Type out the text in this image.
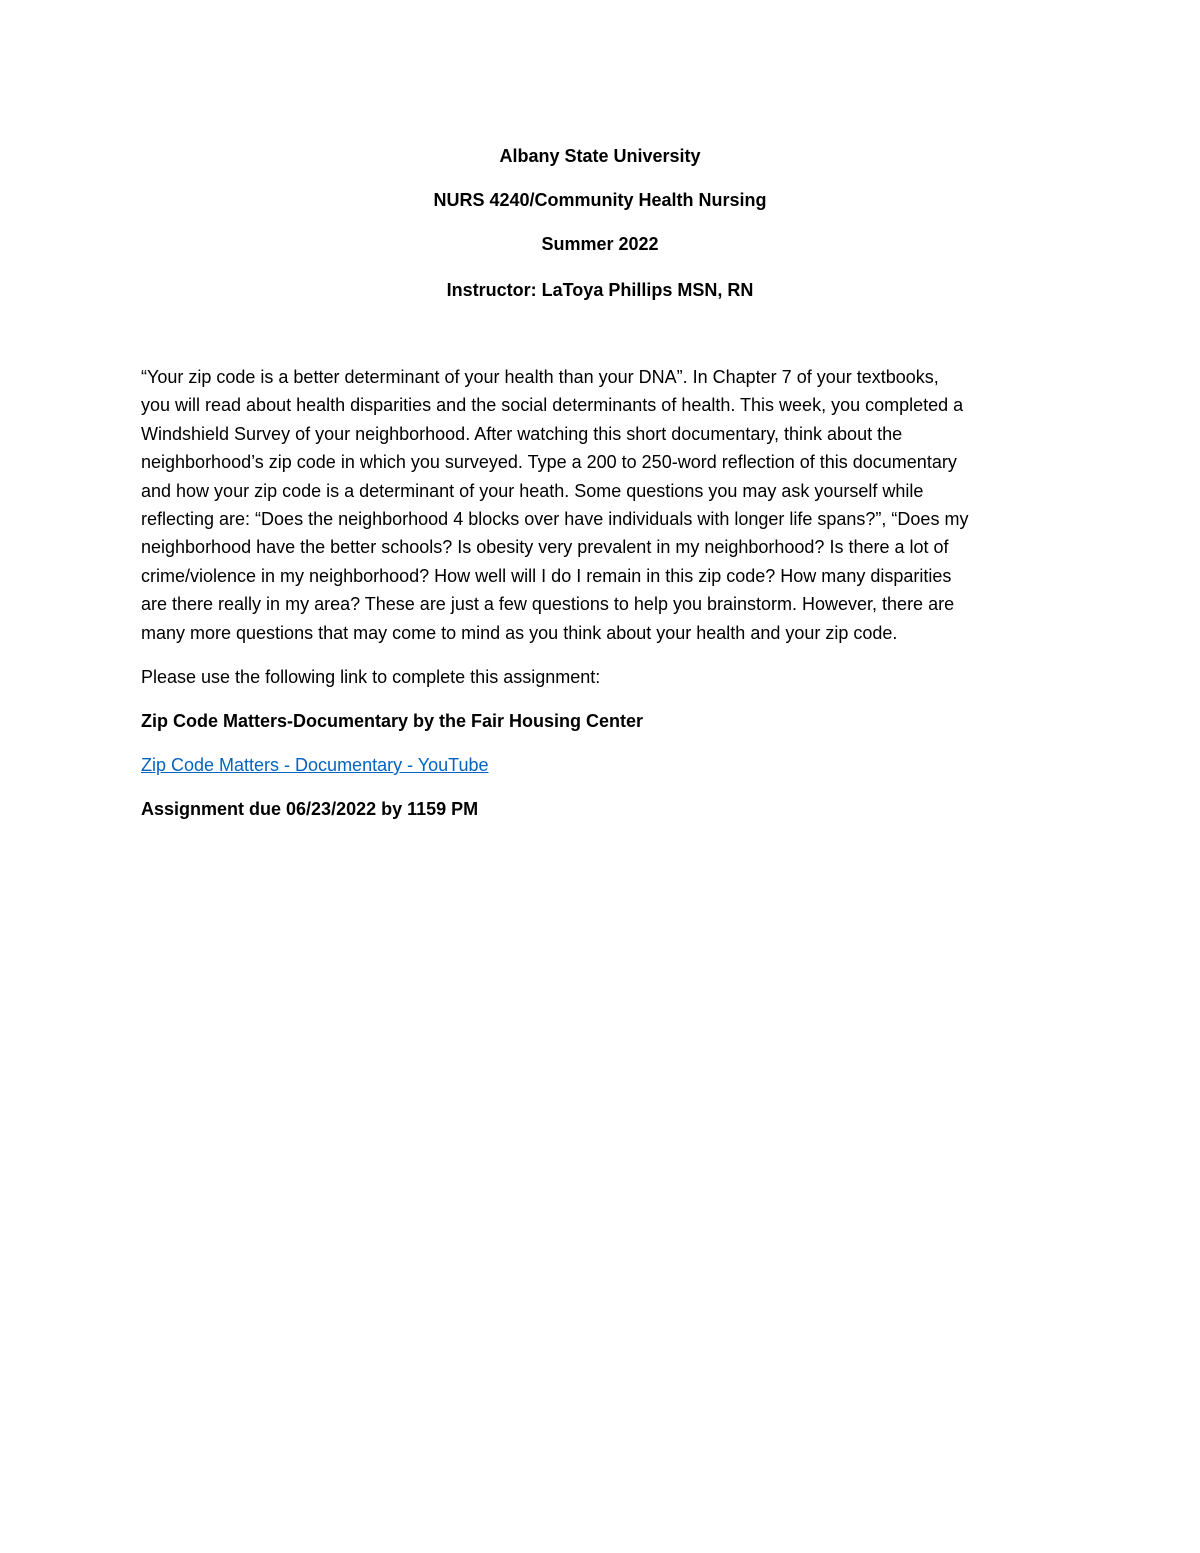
Albany State University
NURS 4240/Community Health Nursing
Summer 2022
Instructor: LaToya Phillips MSN, RN
“Your zip code is a better determinant of your health than your DNA”. In Chapter 7 of your textbooks,
you will read about health disparities and the social determinants of health. This week, you completed a
Windshield Survey of your neighborhood. After watching this short documentary, think about the
neighborhood’s zip code in which you surveyed. Type a 200 to 250-word reflection of this documentary
and how your zip code is a determinant of your heath. Some questions you may ask yourself while
reflecting are: “Does the neighborhood 4 blocks over have individuals with longer life spans?”, “Does my
neighborhood have the better schools? Is obesity very prevalent in my neighborhood? Is there a lot of
crime/violence in my neighborhood? How well will I do I remain in this zip code? How many disparities
are there really in my area? These are just a few questions to help you brainstorm. However, there are
many more questions that may come to mind as you think about your health and your zip code.
Please use the following link to complete this assignment:
Zip Code Matters-Documentary by the Fair Housing Center
Zip Code Matters - Documentary - YouTube
Assignment due 06/23/2022 by 1159 PM
